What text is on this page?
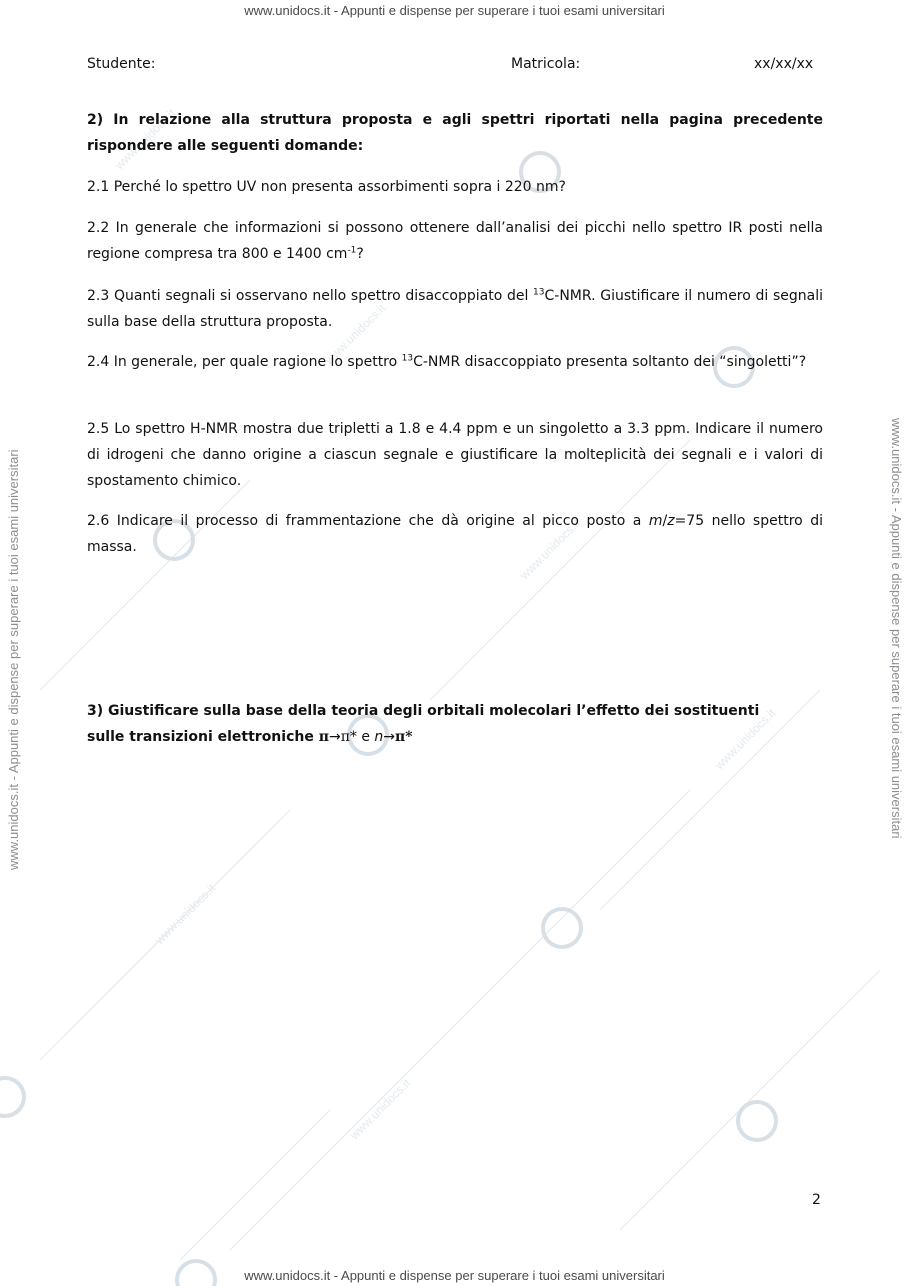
www.unidocs.it
www.unidocs.it
www.unidocs.it
www.unidocs.it
www.unidocs.it
www.unidocs.it
www.unidocs.it - Appunti e dispense per superare i tuoi esami universitari
www.unidocs.it - Appunti e dispense per superare i tuoi esami universitari
www.unidocs.it - Appunti e dispense per superare i tuoi esami universitari	www.unidocs.it - Appunti e dispense per superare i tuoi esami universitari
Studente:	Matricola:	xx/xx/xx

2) In relazione alla struttura proposta e agli spettri riportati nella pagina precedente rispondere alle seguenti domande:

2.1 Perché lo spettro UV non presenta assorbimenti sopra i 220 nm?

2.2 In generale che informazioni si possono ottenere dall’analisi dei picchi nello spettro IR posti nella regione compresa tra 800 e 1400 $cm^{-1}$?

2.3 Quanti segnali si osservano nello spettro disaccoppiato del $^{13}$C-NMR. Giustificare il numero di segnali sulla base della struttura proposta.

2.4 In generale, per quale ragione lo spettro $^{13}$C-NMR disaccoppiato presenta soltanto dei “singoletti”?

2.5 Lo spettro H-NMR mostra due tripletti a 1.8 e 4.4 ppm e un singoletto a 3.3 ppm. Indicare il numero di idrogeni che danno origine a ciascun segnale e giustificare la molteplicità dei segnali e i valori di spostamento chimico.

2.6 Indicare il processo di frammentazione che dà origine al picco posto a m/z=75 nello spettro di massa.

3) Giustificare sulla base della teoria degli orbitali molecolari l’effetto dei sostituenti sulle transizioni elettroniche π→π* e n→π*

2
